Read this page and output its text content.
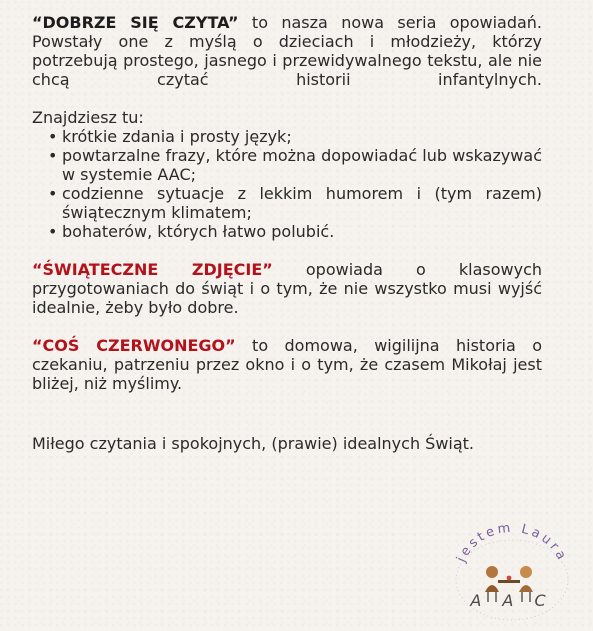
“DOBRZE SIĘ CZYTA” to nasza nowa seria opowiadań. Powstały one z myślą o dzieciach i młodzieży, którzy potrzebują prostego, jasnego i przewidywalnego tekstu, ale nie chcą czytać historii infantylnych.

Znajdziesz tu:

• krótkie zdania i prosty język;
• powtarzalne frazy, które można dopowiadać lub wskazywać w systemie AAC;
• codzienne sytuacje z lekkim humorem i (tym razem) świątecznym klimatem;
• bohaterów, których łatwo polubić.

“ŚWIĄTECZNE ZDJĘCIE” opowiada o klasowych przygotowaniach do świąt i o tym, że nie wszystko musi wyjść idealnie, żeby było dobre.

“COŚ CZERWONEGO” to domowa, wigilijna historia o czekaniu, patrzeniu przez okno i o tym, że czasem Mikołaj jest bliżej, niż myślimy.

Miłego czytania i spokojnych, (prawie) idealnych Świąt.

jestem Laura
A A C
